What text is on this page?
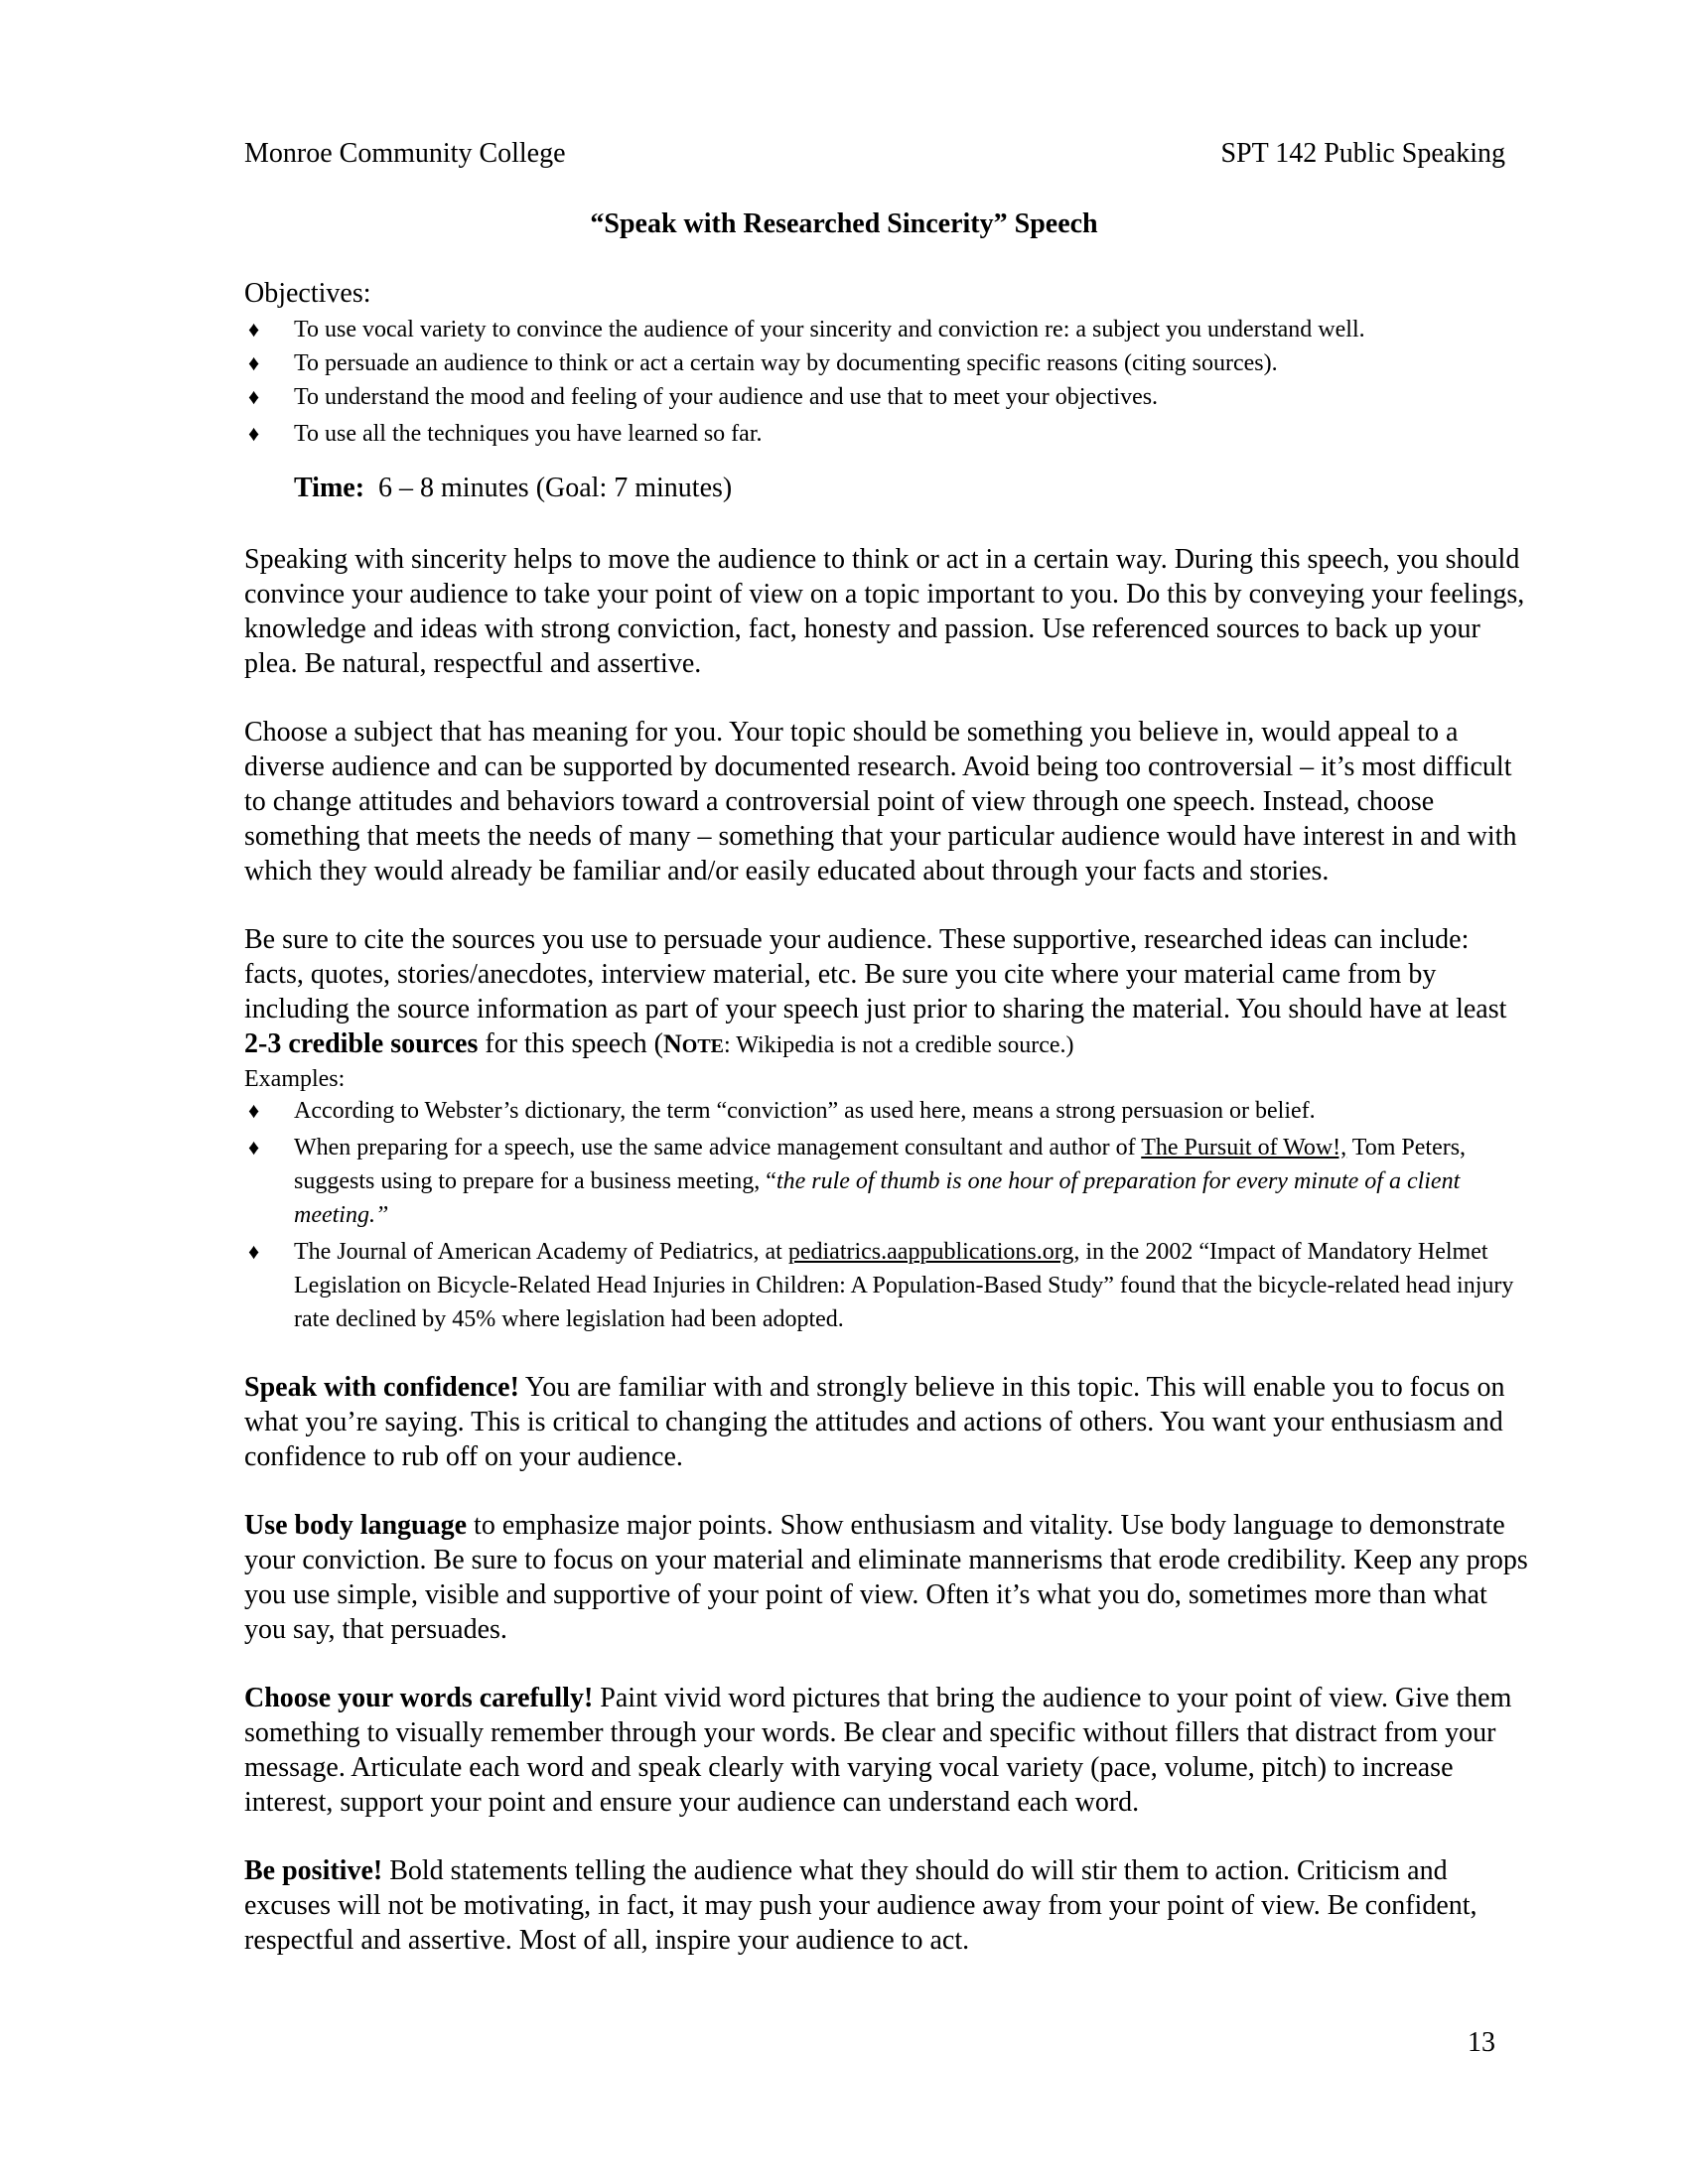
Monroe Community College	SPT 142 Public Speaking
“Speak with Researched Sincerity” Speech
Objectives:
♦ To use vocal variety to convince the audience of your sincerity and conviction re: a subject you understand well.
♦ To persuade an audience to think or act a certain way by documenting specific reasons (citing sources).
♦ To understand the mood and feeling of your audience and use that to meet your objectives.
♦ To use all the techniques you have learned so far.
Time: 6 – 8 minutes (Goal: 7 minutes)

Speaking with sincerity helps to move the audience to think or act in a certain way. During this speech, you should convince your audience to take your point of view on a topic important to you. Do this by conveying your feelings, knowledge and ideas with strong conviction, fact, honesty and passion. Use referenced sources to back up your plea. Be natural, respectful and assertive.

Choose a subject that has meaning for you. Your topic should be something you believe in, would appeal to a diverse audience and can be supported by documented research. Avoid being too controversial – it’s most difficult to change attitudes and behaviors toward a controversial point of view through one speech. Instead, choose something that meets the needs of many – something that your particular audience would have interest in and with which they would already be familiar and/or easily educated about through your facts and stories.

Be sure to cite the sources you use to persuade your audience. These supportive, researched ideas can include: facts, quotes, stories/anecdotes, interview material, etc. Be sure you cite where your material came from by including the source information as part of your speech just prior to sharing the material. You should have at least 2-3 credible sources for this speech (NOTE: Wikipedia is not a credible source.)

Examples:
♦ According to Webster’s dictionary, the term “conviction” as used here, means a strong persuasion or belief.
♦ When preparing for a speech, use the same advice management consultant and author of The Pursuit of Wow!, Tom Peters, suggests using to prepare for a business meeting, “the rule of thumb is one hour of preparation for every minute of a client meeting.”
♦ The Journal of American Academy of Pediatrics, at pediatrics.aappublications.org, in the 2002 “Impact of Mandatory Helmet Legislation on Bicycle-Related Head Injuries in Children: A Population-Based Study” found that the bicycle-related head injury rate declined by 45% where legislation had been adopted.

Speak with confidence! You are familiar with and strongly believe in this topic. This will enable you to focus on what you’re saying. This is critical to changing the attitudes and actions of others. You want your enthusiasm and confidence to rub off on your audience.

Use body language to emphasize major points. Show enthusiasm and vitality. Use body language to demonstrate your conviction. Be sure to focus on your material and eliminate mannerisms that erode credibility. Keep any props you use simple, visible and supportive of your point of view. Often it’s what you do, sometimes more than what you say, that persuades.

Choose your words carefully! Paint vivid word pictures that bring the audience to your point of view. Give them something to visually remember through your words. Be clear and specific without fillers that distract from your message. Articulate each word and speak clearly with varying vocal variety (pace, volume, pitch) to increase interest, support your point and ensure your audience can understand each word.

Be positive! Bold statements telling the audience what they should do will stir them to action. Criticism and excuses will not be motivating, in fact, it may push your audience away from your point of view. Be confident, respectful and assertive. Most of all, inspire your audience to act.

13
